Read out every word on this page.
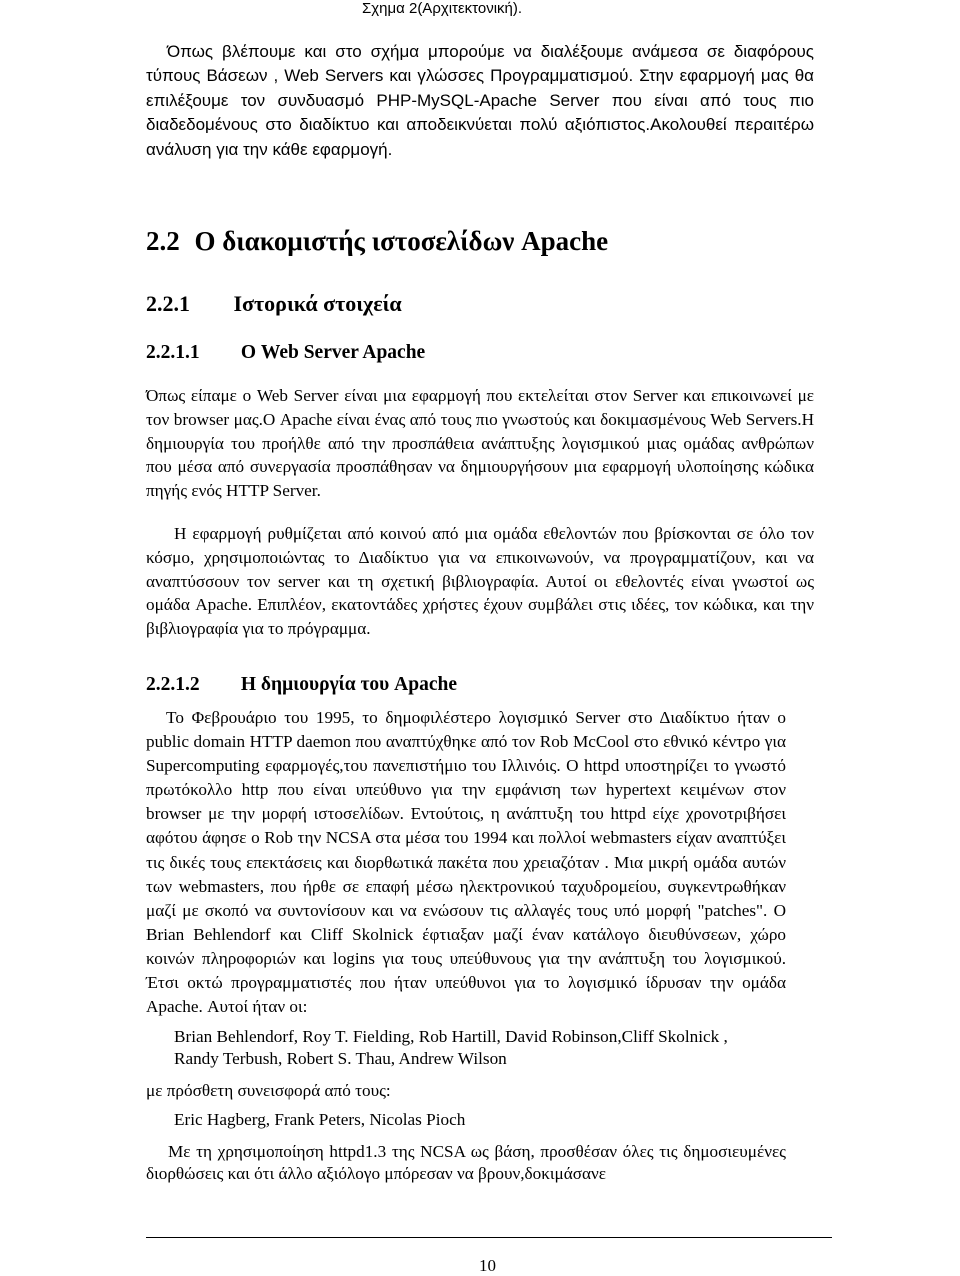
Σχημα 2(Αρχιτεκτονική).
Όπως βλέπουμε και στο σχήμα μπορούμε να διαλέξουμε ανάμεσα σε διαφόρους τύπους Βάσεων , Web Servers και γλώσσες Προγραμματισμού. Στην εφαρμογή μας θα επιλέξουμε τον συνδυασμό PHP-MySQL-Apache Server που είναι από τους πιο διαδεδομένους στο διαδίκτυο και αποδεικνύεται πολύ αξιόπιστος.Ακολουθεί περαιτέρω ανάλυση για την κάθε εφαρμογή.
2.2 Ο διακομιστής ιστοσελίδων Apache
2.2.1 Ιστορικά στοιχεία
2.2.1.1 Ο Web Server Apache
Όπως είπαμε ο Web Server είναι μια εφαρμογή που εκτελείται στον Server και επικοινωνεί με τον browser μας.Ο Apache είναι ένας από τους πιο γνωστούς και δοκιμασμένους Web Servers.Η δημιουργία του προήλθε από την προσπάθεια ανάπτυξης λογισμικού μιας ομάδας ανθρώπων που μέσα από συνεργασία προσπάθησαν να δημιουργήσουν μια εφαρμογή υλοποίησης κώδικα πηγής ενός HTTP Server.
Η εφαρμογή ρυθμίζεται από κοινού από μια ομάδα εθελοντών που βρίσκονται σε όλο τον κόσμο, χρησιμοποιώντας το Διαδίκτυο για να επικοινωνούν, να προγραμματίζουν, και να αναπτύσσουν τον server και τη σχετική βιβλιογραφία. Αυτοί οι εθελοντές είναι γνωστοί ως ομάδα Apache. Επιπλέον, εκατοντάδες χρήστες έχουν συμβάλει στις ιδέες, τον κώδικα, και την βιβλιογραφία για το πρόγραμμα.
2.2.1.2 Η δημιουργία του Apache
Το Φεβρουάριο του 1995, το δημοφιλέστερο λογισμικό Server στο Διαδίκτυο ήταν ο public domain HTTP daemon που αναπτύχθηκε από τον Rob McCool στο εθνικό κέντρο για Supercomputing εφαρμογές,του πανεπιστήμιο του Ιλλινόις. Ο httpd υποστηρίζει το γνωστό πρωτόκολλο http που είναι υπεύθυνο για την εμφάνιση των hypertext κειμένων στον browser με την μορφή ιστοσελίδων. Εντούτοις, η ανάπτυξη του httpd είχε χρονοτριβήσει αφότου άφησε ο Rob την NCSA στα μέσα του 1994 και πολλοί webmasters είχαν αναπτύξει τις δικές τους επεκτάσεις και διορθωτικά πακέτα που χρειαζόταν . Μια μικρή ομάδα αυτών των webmasters, που ήρθε σε επαφή μέσω ηλεκτρονικού ταχυδρομείου, συγκεντρωθήκαν μαζί με σκοπό να συντονίσουν και να ενώσουν τις αλλαγές τους υπό μορφή "patches". Ο Brian Behlendorf και Cliff Skolnick έφτιαξαν μαζί έναν κατάλογο διευθύνσεων, χώρο κοινών πληροφοριών και logins για τους υπεύθυνους για την ανάπτυξη του λογισμικού. Έτσι οκτώ προγραμματιστές που ήταν υπεύθυνοι για το λογισμικό ίδρυσαν την ομάδα Apache. Αυτοί ήταν οι:
Brian Behlendorf, Roy T. Fielding, Rob Hartill, David Robinson,Cliff Skolnick ,
Randy Terbush, Robert S. Thau, Andrew Wilson
με πρόσθετη συνεισφορά από τους:
Eric Hagberg, Frank Peters, Nicolas Pioch
Με τη χρησιμοποίηση httpd1.3 της NCSA ως βάση, προσθέσαν όλες τις δημοσιευμένες διορθώσεις και ότι άλλο αξιόλογο μπόρεσαν να βρουν,δοκιμάσανε
10
